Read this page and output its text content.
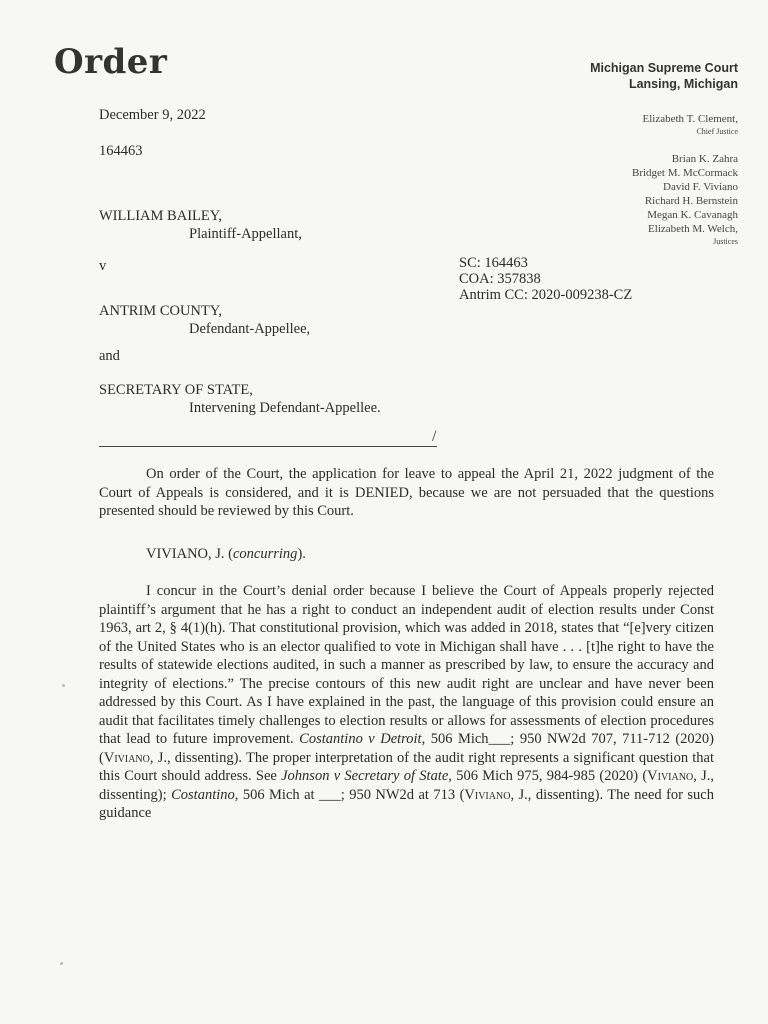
Order	Michigan Supreme Court
Lansing, Michigan
Elizabeth T. Clement,
Chief Justice
Brian K. Zahra
Bridget M. McCormack
David F. Viviano
Richard H. Bernstein
Megan K. Cavanagh
Elizabeth M. Welch,
Justices
December 9, 2022
164463
WILLIAM BAILEY,
Plaintiff-Appellant,
v	SC: 164463
COA: 357838
Antrim CC: 2020-009238-CZ
ANTRIM COUNTY,
Defendant-Appellee,
and
SECRETARY OF STATE,
Intervening Defendant-Appellee.
/
On order of the Court, the application for leave to appeal the April 21, 2022 judgment of the Court of Appeals is considered, and it is DENIED, because we are not persuaded that the questions presented should be reviewed by this Court.
VIVIANO, J. (concurring).
I concur in the Court’s denial order because I believe the Court of Appeals properly rejected plaintiff’s argument that he has a right to conduct an independent audit of election results under Const 1963, art 2, § 4(1)(h). That constitutional provision, which was added in 2018, states that “[e]very citizen of the United States who is an elector qualified to vote in Michigan shall have . . . [t]he right to have the results of statewide elections audited, in such a manner as prescribed by law, to ensure the accuracy and integrity of elections.” The precise contours of this new audit right are unclear and have never been addressed by this Court. As I have explained in the past, the language of this provision could ensure an audit that facilitates timely challenges to election results or allows for assessments of election procedures that lead to future improvement. Costantino v Detroit, 506 Mich___; 950 NW2d 707, 711-712 (2020) (Viviano, J., dissenting). The proper interpretation of the audit right represents a significant question that this Court should address. See Johnson v Secretary of State, 506 Mich 975, 984-985 (2020) (Viviano, J., dissenting); Costantino, 506 Mich at ___; 950 NW2d at 713 (Viviano, J., dissenting). The need for such guidance
